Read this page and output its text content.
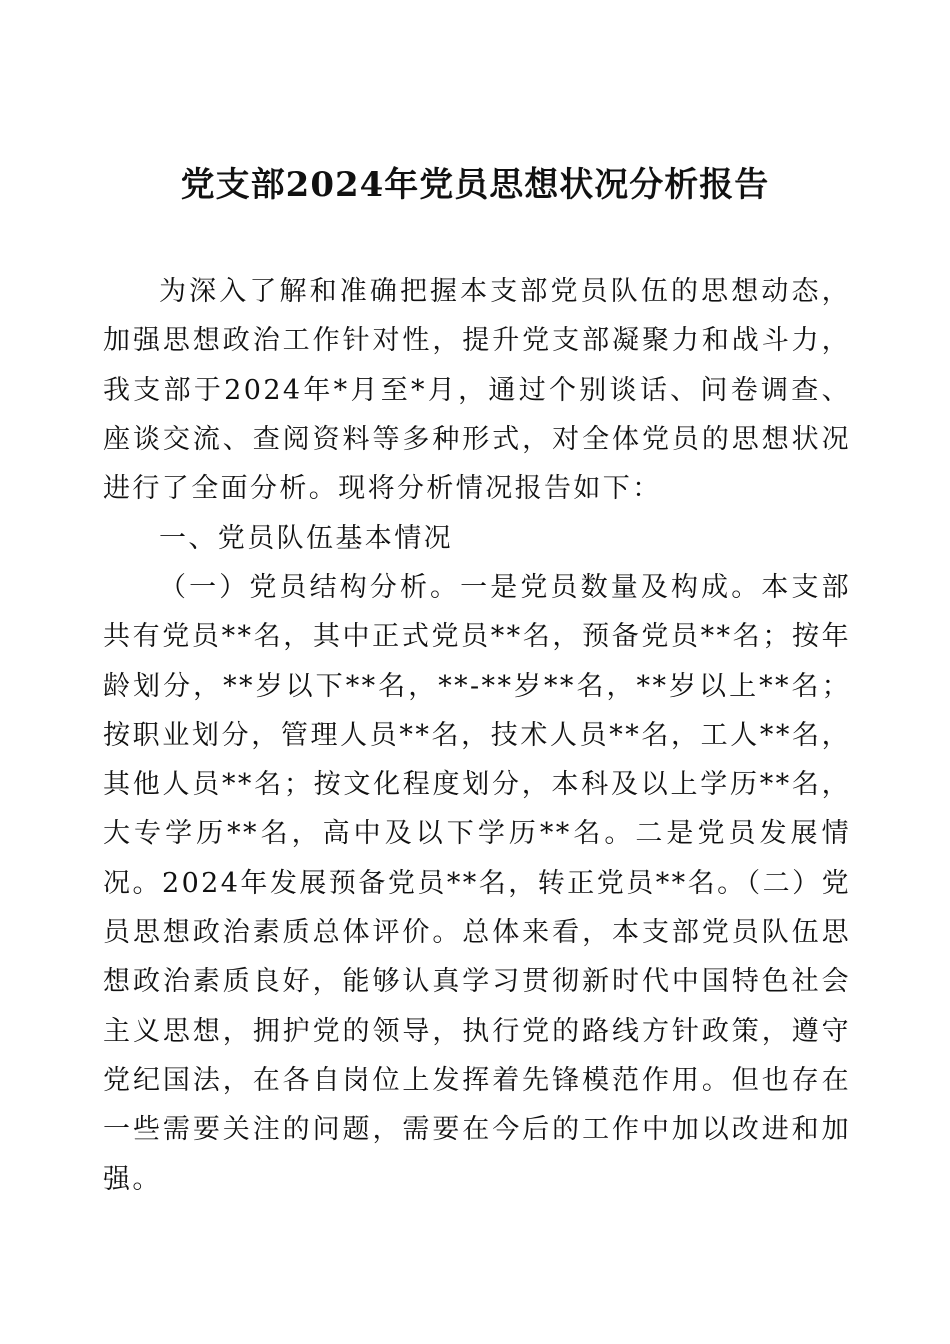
党支部2024年党员思想状况分析报告

为深入了解和准确把握本支部党员队伍的思想动态，加强思想政治工作针对性，提升党支部凝聚力和战斗力，我支部于2024年*月至*月，通过个别谈话、问卷调查、座谈交流、查阅资料等多种形式，对全体党员的思想状况进行了全面分析。现将分析情况报告如下：

一、党员队伍基本情况

（一）党员结构分析。一是党员数量及构成。本支部共有党员**名，其中正式党员**名，预备党员**名；按年龄划分，**岁以下**名，**-**岁**名，**岁以上**名；按职业划分，管理人员**名，技术人员**名，工人**名，其他人员**名；按文化程度划分，本科及以上学历**名，大专学历**名，高中及以下学历**名。二是党员发展情况。2024年发展预备党员**名，转正党员**名。（二）党员思想政治素质总体评价。总体来看，本支部党员队伍思想政治素质良好，能够认真学习贯彻新时代中国特色社会主义思想，拥护党的领导，执行党的路线方针政策，遵守党纪国法，在各自岗位上发挥着先锋模范作用。但也存在一些需要关注的问题，需要在今后的工作中加以改进和加强。
